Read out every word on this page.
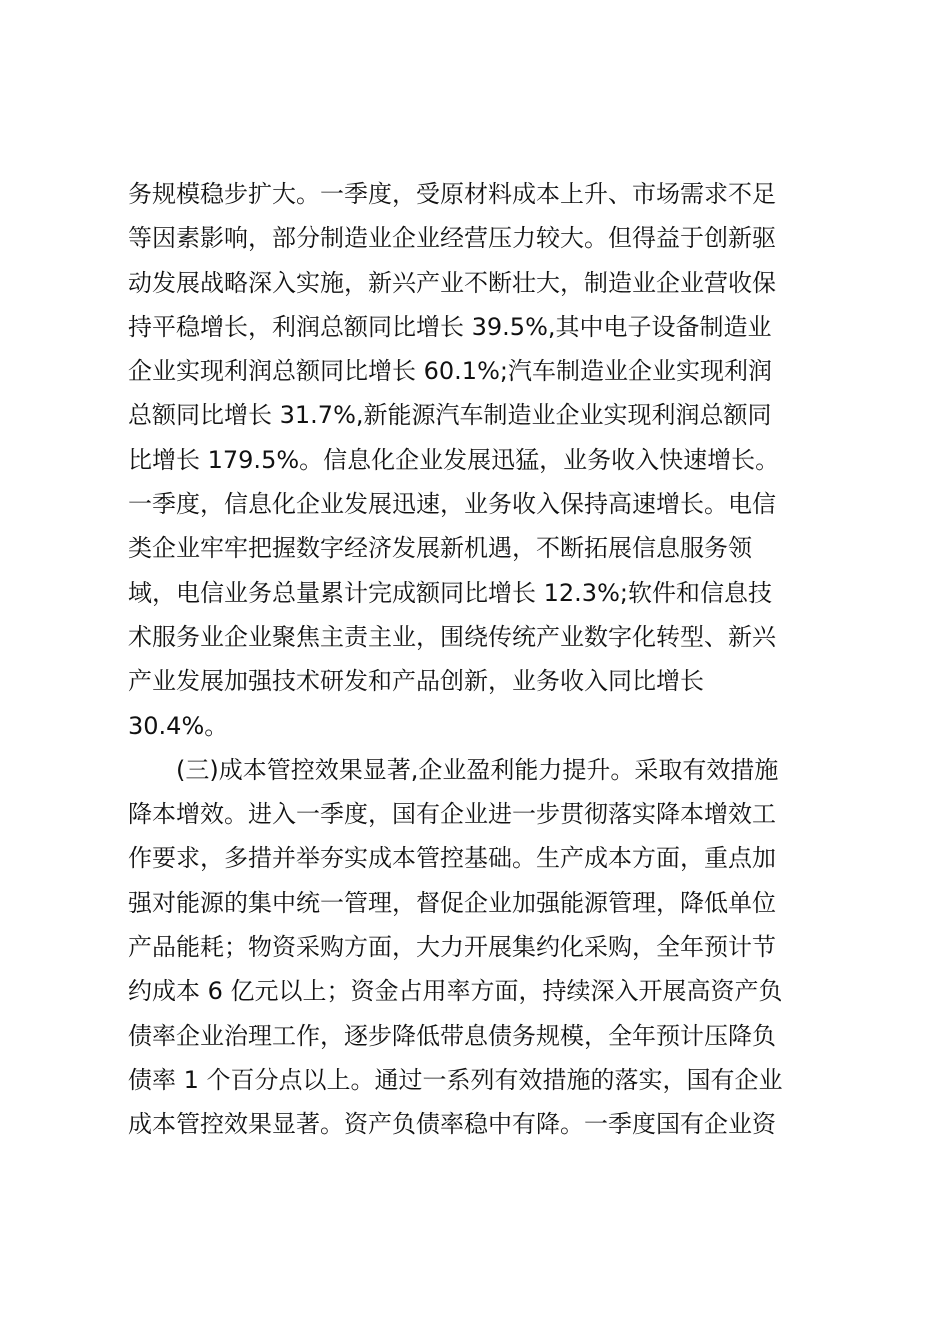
务规模稳步扩大。一季度，受原材料成本上升、市场需求不足
等因素影响，部分制造业企业经营压力较大。但得益于创新驱
动发展战略深入实施，新兴产业不断壮大，制造业企业营收保
持平稳增长，利润总额同比增长 39.5%,其中电子设备制造业
企业实现利润总额同比增长 60.1%;汽车制造业企业实现利润
总额同比增长 31.7%,新能源汽车制造业企业实现利润总额同
比增长 179.5%。信息化企业发展迅猛，业务收入快速增长。
一季度，信息化企业发展迅速，业务收入保持高速增长。电信
类企业牢牢把握数字经济发展新机遇，不断拓展信息服务领
域，电信业务总量累计完成额同比增长 12.3%;软件和信息技
术服务业企业聚焦主责主业，围绕传统产业数字化转型、新兴
产业发展加强技术研发和产品创新，业务收入同比增长
30.4%。
(三)成本管控效果显著,企业盈利能力提升。采取有效措施
降本增效。进入一季度，国有企业进一步贯彻落实降本增效工
作要求，多措并举夯实成本管控基础。生产成本方面，重点加
强对能源的集中统一管理，督促企业加强能源管理，降低单位
产品能耗；物资采购方面，大力开展集约化采购，全年预计节
约成本 6 亿元以上；资金占用率方面，持续深入开展高资产负
债率企业治理工作，逐步降低带息债务规模，全年预计压降负
债率 1 个百分点以上。通过一系列有效措施的落实，国有企业
成本管控效果显著。资产负债率稳中有降。一季度国有企业资
